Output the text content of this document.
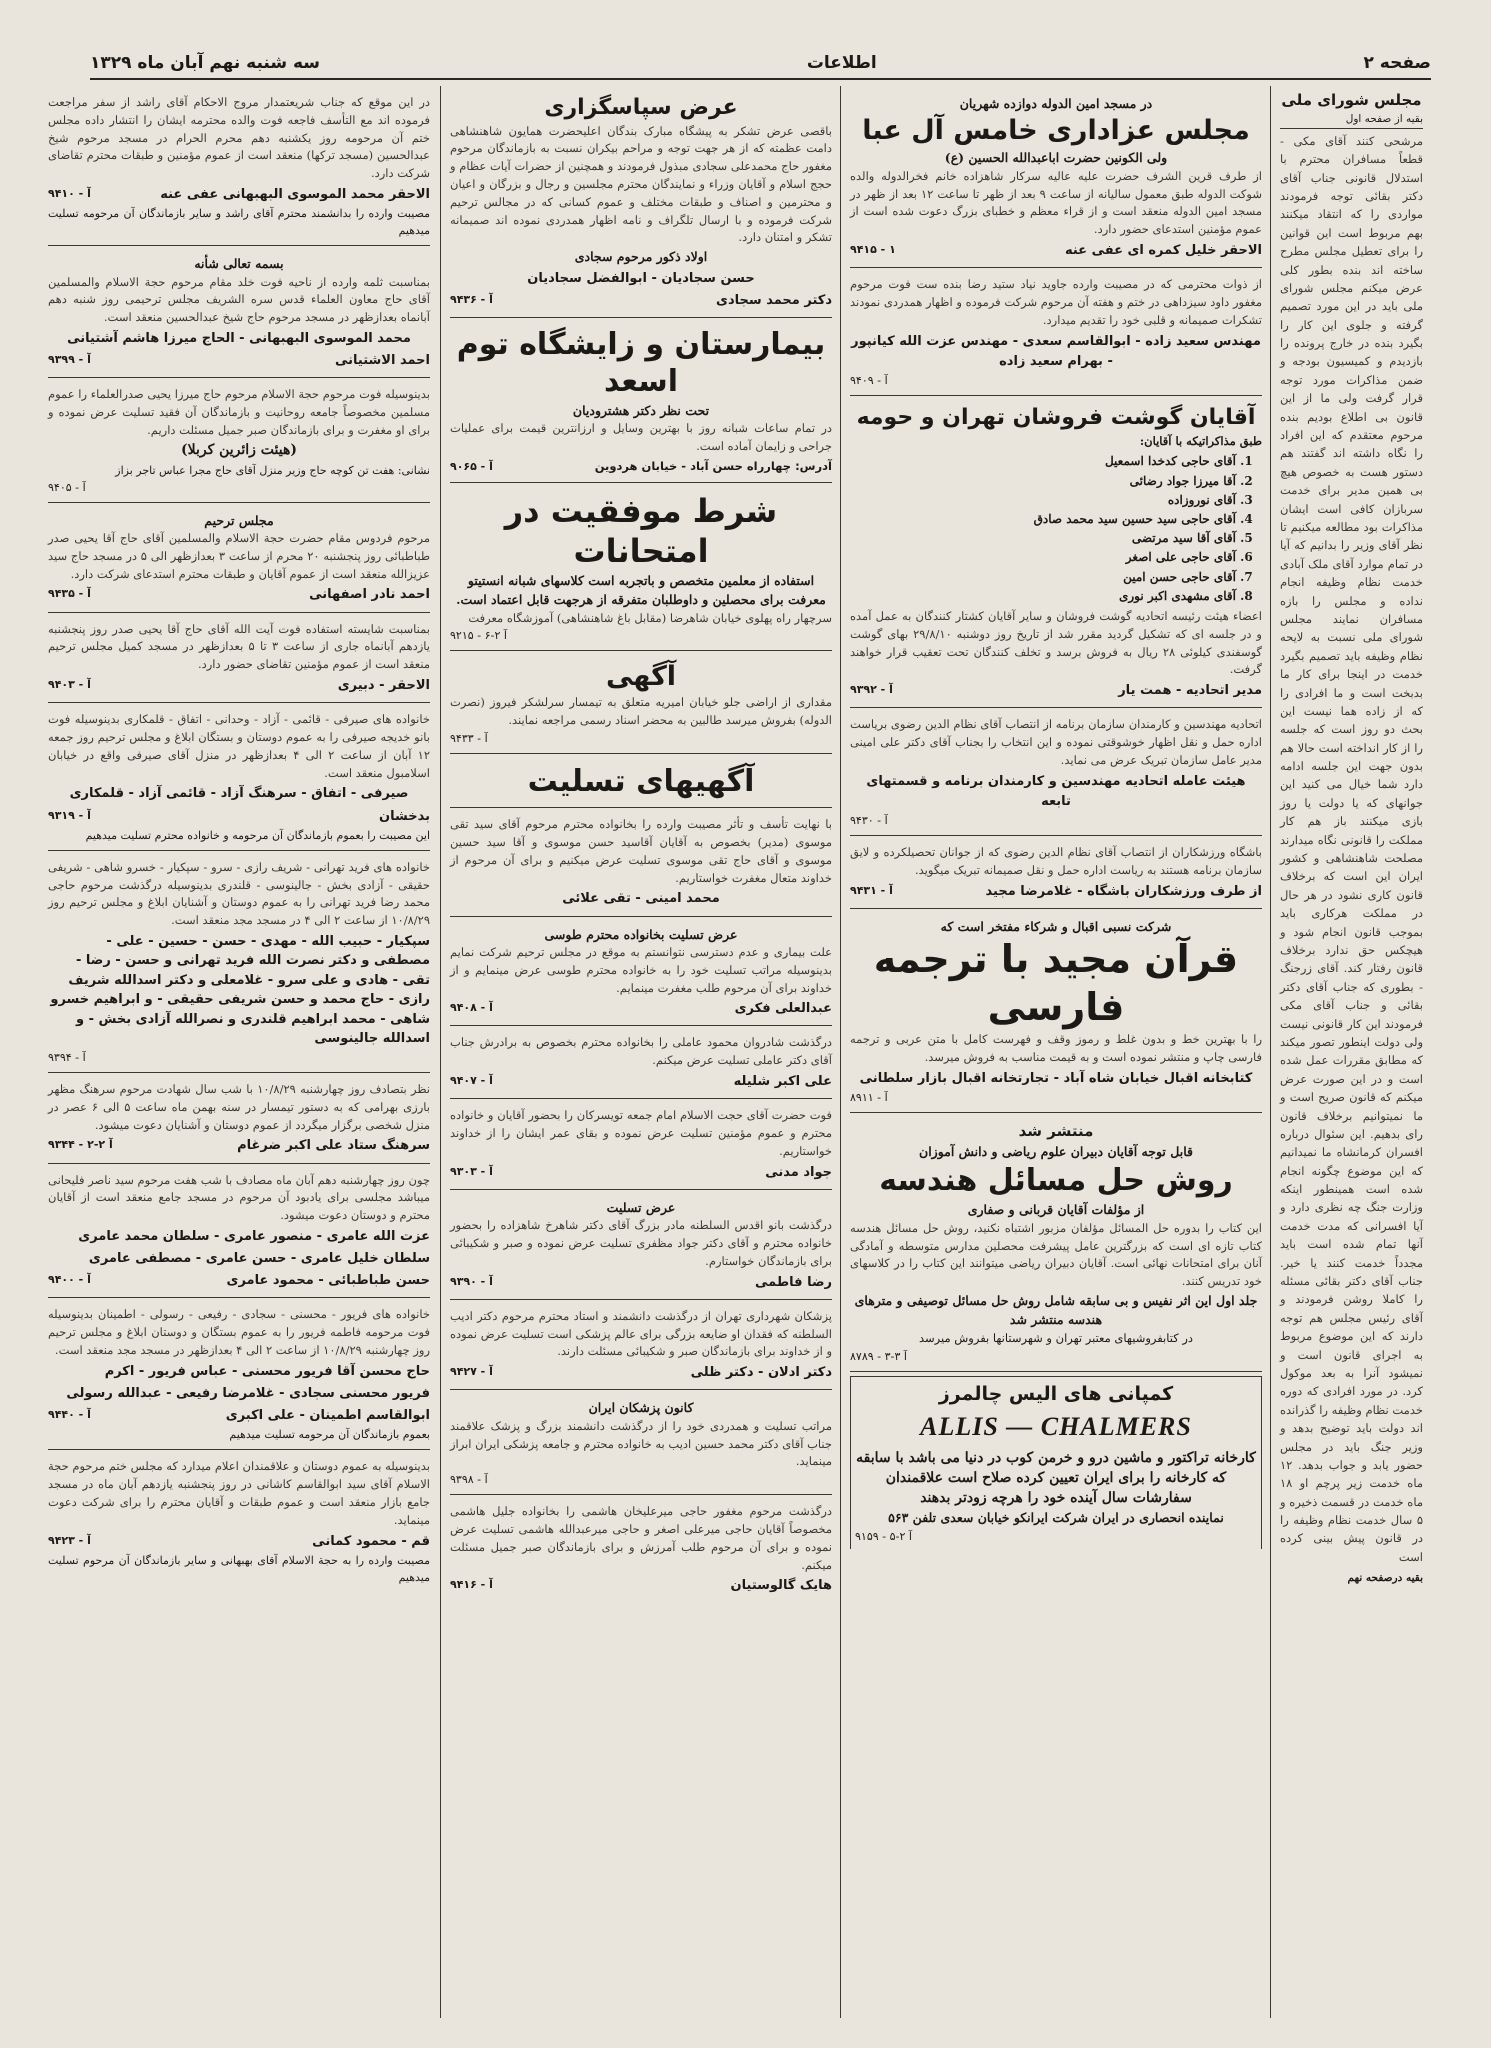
صفحه ۲
اطلاعات
سه شنبه نهم آبان ماه ۱۳۲۹
مجلس شورای ملی
بقیه از صفحه اول
مرشحی کنند آقای مکی - قطعاً مسافران محترم با استدلال قانونی جناب آقای دکتر بقائی توجه فرمودند مواردی را که انتقاد میکنند بهم مربوط است این قوانین را برای تعطیل مجلس مطرح ساخته اند بنده بطور کلی عرض میکنم مجلس شورای ملی باید در این مورد تصمیم گرفته و جلوی این کار را بگیرد بنده در خارج پرونده را بازدیدم و کمیسیون بودجه و ضمن مذاکرات مورد توجه قرار گرفت ولی ما از این قانون بی اطلاع بودیم بنده مرحوم معتقدم که این افراد را نگاه داشته اند گفتند هم دستور هست به خصوص هیچ بی همین مدیر برای خدمت سربازان کافی است ایشان مذاکرات بود مطالعه میکنیم تا نظر آقای وزیر را بدانیم که آیا در تمام موارد آقای ملک آبادی خدمت نظام وظیفه انجام نداده و مجلس را بازه مسافران نمایند مجلس شورای ملی نسبت به لایحه نظام وظیفه باید تصمیم بگیرد خدمت در اینجا برای کار ما بدبخت است و ما افرادی را که از زاده هما نیست این بحث دو روز است که جلسه را از کار انداخته است حالا هم بدون جهت این جلسه ادامه دارد شما خیال می کنید این جوانهای که یا دولت یا روز بازی میکنند باز هم کار مملکت را قانونی نگاه میدارند مصلحت شاهنشاهی و کشور ایران این است که برخلاف قانون کاری نشود در هر حال در مملکت هرکاری باید بموجب قانون انجام شود و هیچکس حق ندارد برخلاف قانون رفتار کند. آقای زرجنگ - بطوری که جناب آقای دکتر بقائی و جناب آقای مکی فرمودند این کار قانونی نیست ولی دولت اینطور تصور میکند که مطابق مقررات عمل شده است و در این صورت عرض میکنم که قانون صریح است و ما نمیتوانیم برخلاف قانون رای بدهیم. این سئوال درباره افسران کرمانشاه ما نمیدانیم که این موضوع چگونه انجام شده است همینطور اینکه وزارت جنگ چه نظری دارد و آیا افسرانی که مدت خدمت آنها تمام شده است باید مجدداً خدمت کنند یا خیر. جناب آقای دکتر بقائی مسئله را کاملا روشن فرمودند و آقای رئیس مجلس هم توجه دارند که این موضوع مربوط به اجرای قانون است و نمیشود آنرا به بعد موکول کرد. در مورد افرادی که دوره خدمت نظام وظیفه را گذرانده اند دولت باید توضیح بدهد و وزیر جنگ باید در مجلس حضور یابد و جواب بدهد. ۱۲ ماه خدمت زیر پرچم او ۱۸ ماه خدمت در قسمت ذخیره و ۵ سال خدمت نظام وظیفه را در قانون پیش بینی کرده است
بقیه درصفحه نهم
در مسجد امین الدوله دوازده شهریان
مجلس عزاداری خامس آل عبا
ولی الکونین حضرت اباعبدالله الحسین (ع)
از طرف قرین الشرف حضرت علیه عالیه سرکار شاهزاده خانم فخرالدوله والده شوکت الدوله طبق معمول سالیانه از ساعت ۹ بعد از ظهر تا ساعت ۱۲ بعد از ظهر در مسجد امین الدوله منعقد است و از قراء معظم و خطبای بزرگ دعوت شده است از عموم مؤمنین استدعای حضور دارد.
الاحقر خلیل کمره ای عفی عنه
۹۴۱۵ - ۱
از ذوات محترمی که در مصیبت وارده جاوید نیاد ستید رضا بنده ست فوت مرحوم مغفور داود سیزداهی در ختم و هفته آن مرحوم شرکت فرموده و اظهار همدردی نمودند تشکرات صمیمانه و قلبی خود را تقدیم میدارد.
مهندس سعید زاده - ابوالقاسم سعدی - مهندس عزت الله کیانپور - بهرام سعید زاده
۹۴۰۹ - آ
آقایان گوشت فروشان تهران و حومه
طبق مذاکراتیکه با آقایان:
1. آقای حاجی کدخدا اسمعیل
2. آقا میرزا جواد رضائی
3. آقای نوروزاده
4. آقای حاجی سید حسین سید محمد صادق
5. آقای آقا سید مرتضی
6. آقای حاجی علی اصغر
7. آقای حاجی حسن امین
8. آقای مشهدی اکبر نوری
اعضاء هیئت رئیسه اتحادیه گوشت فروشان و سایر آقایان کشتار کنندگان به عمل آمده و در جلسه ای که تشکیل گردید مقرر شد از تاریخ روز دوشنبه ۲۹/۸/۱۰ بهای گوشت گوسفندی کیلوئی ۲۸ ریال به فروش برسد و تخلف کنندگان تحت تعقیب قرار خواهند گرفت.
مدیر اتحادیه - همت یار
۹۳۹۲ - آ
اتحادیه مهندسین و کارمندان سازمان برنامه از انتصاب آقای نظام الدین رضوی بریاست اداره حمل و نقل اظهار خوشوقتی نموده و این انتخاب را بجناب آقای دکتر علی امینی مدیر عامل سازمان تبریک عرض می نماید.
هیئت عامله اتحادیه مهندسین و کارمندان برنامه و قسمتهای تابعه
۹۴۳۰ - آ
باشگاه ورزشکاران از انتصاب آقای نظام الدین رضوی که از جوانان تحصیلکرده و لایق سازمان برنامه هستند به ریاست اداره حمل و نقل صمیمانه تبریک میگوید.
از طرف ورزشکاران باشگاه - غلامرضا مجید
۹۴۳۱ - آ
شرکت نسبی اقبال و شرکاء مفتخر است که
قرآن مجید با ترجمه فارسی
را با بهترین خط و بدون غلط و رموز وقف و فهرست کامل با متن عربی و ترجمه فارسی چاپ و منتشر نموده است و به قیمت مناسب به فروش میرسد.
کتابخانه اقبال خیابان شاه آباد - تجارتخانه اقبال بازار سلطانی
۸۹۱۱ - آ
منتشر شد
قابل توجه آقایان دبیران علوم ریاضی و دانش آموزان
روش حل مسائل هندسه
از مؤلفات آقایان قربانی و صفاری
این کتاب را بدوره حل المسائل مؤلفان مزبور اشتباه نکنید، روش حل مسائل هندسه کتاب تازه ای است که بزرگترین عامل پیشرفت محصلین مدارس متوسطه و آمادگی آنان برای امتحانات نهائی است. آقایان دبیران ریاضی میتوانند این کتاب را در کلاسهای خود تدریس کنند.
جلد اول این اثر نفیس و بی سابقه شامل روش حل مسائل توصیفی و مترهای هندسه منتشر شد
در کتابفروشیهای معتبر تهران و شهرستانها بفروش میرسد
۸۷۸۹ - آ ۳-۳
کمپانی های الیس چالمرز
ALLIS — CHALMERS
کارخانه تراکتور و ماشین درو و خرمن کوب در دنیا می باشد با سابقه که کارخانه را برای ایران تعیین کرده صلاح است علاقمندان سفارشات سال آینده خود را هرچه زودتر بدهند
نماینده انحصاری در ایران شرکت ایرانکو خیابان سعدی تلفن ۵۶۳
۹۱۵۹ - آ ۲-۵
عرض سپاسگزاری
باقصی عرض تشکر به پیشگاه مبارک بندگان اعلیحضرت همایون شاهنشاهی دامت عظمته که از هر جهت توجه و مراحم بیکران نسبت به بازماندگان مرحوم مغفور حاج محمدعلی سجادی مبذول فرمودند و همچنین از حضرات آیات عظام و حجج اسلام و آقایان وزراء و نمایندگان محترم مجلسین و رجال و بزرگان و اعیان و محترمین و اصناف و طبقات مختلف و عموم کسانی که در مجالس ترحیم شرکت فرموده و با ارسال تلگراف و نامه اظهار همدردی نموده اند صمیمانه تشکر و امتنان دارد.
اولاد ذکور مرحوم سجادی
حسن سجادیان - ابوالفضل سجادیان
دکتر محمد سجادی
۹۴۳۶ - آ
بیمارستان و زایشگاه توم اسعد
تحت نظر دکتر هشترودیان
در تمام ساعات شبانه روز با بهترین وسایل و ارزانترین قیمت برای عملیات جراحی و زایمان آماده است.
آدرس: چهارراه حسن آباد - خیابان هردوین
۹۰۶۵ - آ
شرط موفقیت در امتحانات
استفاده از معلمین متخصص و باتجربه است کلاسهای شبانه انستیتو معرفت برای محصلین و داوطلبان متفرقه از هرجهت قابل اعتماد است.
سرچهار راه پهلوی خیابان شاهرضا (مقابل باغ شاهنشاهی) آموزشگاه معرفت
۹۲۱۵ - آ ۲-۶
آگهی
مقداری از اراضی جلو خیابان امیریه متعلق به تیمسار سرلشکر فیروز (نصرت الدوله) بفروش میرسد طالبین به محضر اسناد رسمی مراجعه نمایند.
۹۴۳۳ - آ
آگهیهای تسلیت
با نهایت تأسف و تأثر مصیبت وارده را بخانواده محترم مرحوم آقای سید تقی موسوی (مدیر) بخصوص به آقایان آقاسید حسن موسوی و آقا سید حسین موسوی و آقای حاج تقی موسوی تسلیت عرض میکنیم و برای آن مرحوم از خداوند متعال مغفرت خواستاریم.
محمد امینی - تقی علائی
عرض تسلیت بخانواده محترم طوسی
علت بیماری و عدم دسترسی نتوانستم به موقع در مجلس ترحیم شرکت نمایم بدینوسیله مراتب تسلیت خود را به خانواده محترم طوسی عرض مینمایم و از خداوند برای آن مرحوم طلب مغفرت مینمایم.
عبدالعلی فکری
۹۴۰۸ - آ
درگذشت شادروان محمود عاملی را بخانواده محترم بخصوص به برادرش جناب آقای دکتر عاملی تسلیت عرض میکنم.
علی اکبر شلیله
۹۴۰۷ - آ
فوت حضرت آقای حجت الاسلام امام جمعه تویسرکان را بحضور آقایان و خانواده محترم و عموم مؤمنین تسلیت عرض نموده و بقای عمر ایشان را از خداوند خواستاریم.
جواد مدنی
۹۳۰۳ - آ
عرض تسلیت
درگذشت بانو اقدس السلطنه مادر بزرگ آقای دکتر شاهرخ شاهزاده را بحضور خانواده محترم و آقای دکتر جواد مظفری تسلیت عرض نموده و صبر و شکیبائی برای بازماندگان خواستارم.
رضا فاطمی
۹۳۹۰ - آ
پزشکان شهرداری تهران از درگذشت دانشمند و استاد محترم مرحوم دکتر ادیب السلطنه که فقدان او ضایعه بزرگی برای عالم پزشکی است تسلیت عرض نموده و از خداوند برای بازماندگان صبر و شکیبائی مسئلت دارند.
دکتر ادلان - دکتر ظلی
۹۴۲۷ - آ
کانون پزشکان ایران
مراتب تسلیت و همدردی خود را از درگذشت دانشمند بزرگ و پزشک علاقمند جناب آقای دکتر محمد حسین ادیب به خانواده محترم و جامعه پزشکی ایران ابراز مینماید.
۹۳۹۸ - آ
درگذشت مرحوم مغفور حاجی میرعلیخان هاشمی را بخانواده جلیل هاشمی مخصوصاً آقایان حاجی میرعلی اصغر و حاجی میرعبدالله هاشمی تسلیت عرض نموده و برای آن مرحوم طلب آمرزش و برای بازماندگان صبر جمیل مسئلت میکنم.
هایک گالوستیان
۹۴۱۶ - آ
در این موقع که جناب شریعتمدار مروج الاحکام آقای راشد از سفر مراجعت فرموده اند مع التأسف فاجعه فوت والده محترمه ایشان را انتشار داده مجلس ختم آن مرحومه روز یکشنبه دهم محرم الحرام در مسجد مرحوم شیخ عبدالحسین (مسجد ترکها) منعقد است از عموم مؤمنین و طبقات محترم تقاضای شرکت دارد.
الاحقر محمد الموسوی البهبهانی عفی عنه
۹۴۱۰ - آ
مصیبت وارده را بدانشمند محترم آقای راشد و سایر بازماندگان آن مرحومه تسلیت میدهیم
بسمه تعالی شأنه
بمناسبت ثلمه وارده از ناحیه فوت خلد مقام مرحوم حجة الاسلام والمسلمین آقای حاج معاون العلماء قدس سره الشریف مجلس ترحیمی روز شنبه دهم آبانماه بعدازظهر در مسجد مرحوم حاج شیخ عبدالحسین منعقد است.
محمد الموسوی البهبهانی - الحاج میرزا هاشم آشتیانی
احمد الاشتیانی
۹۳۹۹ - آ
بدینوسیله فوت مرحوم حجة الاسلام مرحوم حاج میرزا یحیی صدرالعلماء را عموم مسلمین مخصوصاً جامعه روحانیت و بازماندگان آن فقید تسلیت عرض نموده و برای او مغفرت و برای بازماندگان صبر جمیل مسئلت داریم.
(هیئت زائرین کربلا)
نشانی: هفت تن کوچه حاج وزیر منزل آقای حاج مجرا عباس تاجر بزاز
۹۴۰۵ - آ
مجلس ترحیم
مرحوم فردوس مقام حضرت حجة الاسلام والمسلمین آقای حاج آقا یحیی صدر طباطبائی روز پنجشنبه ۲۰ محرم از ساعت ۳ بعدازظهر الی ۵ در مسجد حاج سید عزیزالله منعقد است از عموم آقایان و طبقات محترم استدعای شرکت دارد.
احمد نادر اصفهانی
۹۴۳۵ - آ
بمناسبت شایسته استفاده فوت آیت الله آقای حاج آقا یحیی صدر روز پنجشنبه یازدهم آبانماه جاری از ساعت ۳ تا ۵ بعدازظهر در مسجد کمیل مجلس ترحیم منعقد است از عموم مؤمنین تقاضای حضور دارد.
الاحقر - دبیری
۹۴۰۳ - آ
خانواده های صیرفی - قائمی - آزاد - وحدانی - اتفاق - قلمکاری بدینوسیله فوت بانو خدیجه صیرفی را به عموم دوستان و بستگان ابلاغ و مجلس ترحیم روز جمعه ۱۲ آبان از ساعت ۲ الی ۴ بعدازظهر در منزل آقای صیرفی واقع در خیابان اسلامبول منعقد است.
صیرفی - اتفاق - سرهنگ آزاد - قائمی آزاد - قلمکاری
بدخشان
۹۳۱۹ - آ
این مصیبت را بعموم بازماندگان آن مرحومه و خانواده محترم تسلیت میدهیم
خانواده های فرید تهرانی - شریف رازی - سرو - سپکیار - خسرو شاهی - شریفی حقیقی - آزادی بخش - جالینوسی - قلندری بدینوسیله درگذشت مرحوم حاجی محمد رضا فرید تهرانی را به عموم دوستان و آشنایان ابلاغ و مجلس ترحیم روز ۱۰/۸/۲۹ از ساعت ۲ الی ۴ در مسجد مجد منعقد است.
سپکیار - حبیب الله - مهدی - حسن - حسین - علی - مصطفی و دکتر نصرت الله فرید تهرانی و حسن - رضا - تقی - هادی و علی سرو - غلامعلی و دکتر اسدالله شریف رازی - حاج محمد و حسن شریفی حقیقی - و ابراهیم خسرو شاهی - محمد ابراهیم قلندری و نصرالله آزادی بخش - و اسدالله جالینوسی
۹۳۹۴ - آ
نظر بتصادف روز چهارشنبه ۱۰/۸/۲۹ با شب سال شهادت مرحوم سرهنگ مظهر بارزی بهرامی که به دستور تیمسار در سنه بهمن ماه ساعت ۵ الی ۶ عصر در منزل شخصی برگزار میگردد از عموم دوستان و آشنایان دعوت میشود.
سرهنگ ستاد علی اکبر ضرغام
۹۳۴۴ - آ ۲-۲
چون روز چهارشنبه دهم آبان ماه مصادف با شب هفت مرحوم سید ناصر فلیحانی میباشد مجلسی برای یادبود آن مرحوم در مسجد جامع منعقد است از آقایان محترم و دوستان دعوت میشود.
عزت الله عامری - منصور عامری - سلطان محمد عامری
سلطان خلیل عامری - حسن عامری - مصطفی عامری
حسن طباطبائی - محمود عامری
۹۴۰۰ - آ
خانواده های فریور - محسنی - سجادی - رفیعی - رسولی - اطمینان بدینوسیله فوت مرحومه فاطمه فریور را به عموم بستگان و دوستان ابلاغ و مجلس ترحیم روز چهارشنبه ۱۰/۸/۲۹ از ساعت ۲ الی ۴ بعدازظهر در مسجد مجد منعقد است.
حاج محسن آقا فریور محسنی - عباس فریور - اکرم
فریور محسنی سجادی - غلامرضا رفیعی - عبدالله رسولی
ابوالقاسم اطمینان - علی اکبری
۹۴۴۰ - آ
بعموم بازماندگان آن مرحومه تسلیت میدهیم
بدینوسیله به عموم دوستان و علاقمندان اعلام میدارد که مجلس ختم مرحوم حجة الاسلام آقای سید ابوالقاسم کاشانی در روز پنجشنبه یازدهم آبان ماه در مسجد جامع بازار منعقد است و عموم طبقات و آقایان محترم را برای شرکت دعوت مینماید.
قم - محمود کمانی
۹۴۲۳ - آ
مصیبت وارده را به حجة الاسلام آقای بهبهانی و سایر بازماندگان آن مرحوم تسلیت میدهیم
